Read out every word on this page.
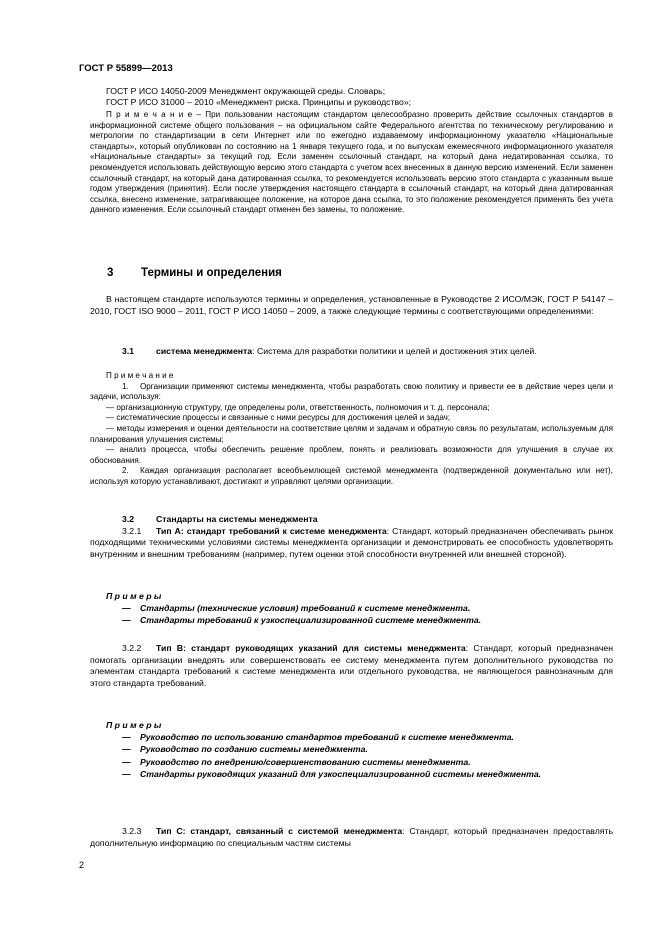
ГОСТ Р 55899—2013

ГОСТ Р ИСО 14050-2009 Менеджмент окружающей среды. Словарь;

ГОСТ Р ИСО 31000 – 2010 «Менеджмент риска. Принципы и руководство»;

П р и м е ч а н и е – При пользовании настоящим стандартом целесообразно проверить действие ссылочных стандартов в информационной системе общего пользования – на официальном сайте Федерального агентства по техническому регулированию и метрологии по стандартизации в сети Интернет или по ежегодно издаваемому информационному указателю «Национальные стандарты», который опубликован по состоянию на 1 января текущего года, и по выпускам ежемесячного информационного указателя «Национальные стандарты» за текущий год. Если заменен ссылочный стандарт, на который дана недатированная ссылка, то рекомендуется использовать действующую версию этого стандарта с учетом всех внесенных в данную версию изменений. Если заменен ссылочный стандарт, на который дана датированная ссылка, то рекомендуется использовать версию этого стандарта с указанным выше годом утверждения (принятия). Если после утверждения настоящего стандарта в ссылочный стандарт, на который дана датированная ссылка, внесено изменение, затрагивающее положение, на которое дана ссылка, то это положение рекомендуется применять без учета данного изменения. Если ссылочный стандарт отменен без замены, то положение.

3 Термины и определения

В настоящем стандарте используются термины и определения, установленные в Руководстве 2 ИСО/МЭК, ГОСТ Р 54147 – 2010, ГОСТ ISO 9000 – 2011, ГОСТ Р ИСО 14050 – 2009, а также следующие термины с соответствующими определениями:

3.1	система менеджмента: Система для разработки политики и целей и достижения этих целей.

П р и м е ч а н и е

1. Организации применяют системы менеджмента, чтобы разработать свою политику и привести ее в действие через цели и задачи, используя:

— организационную структуру, где определены роли, ответственность, полномочия и т. д. персонала;

— систематические процессы и связанные с ними ресурсы для достижения целей и задач;

— методы измерения и оценки деятельности на соответствие целям и задачам и обратную связь по результатам, используемым для планирования улучшения системы;

— анализ процесса, чтобы обеспечить решение проблем, понять и реализовать возможности для улучшения в случае их обоснования.

2. Каждая организация располагает всеобъемлющей системой менеджмента (подтвержденной документально или нет), используя которую устанавливают, достигают и управляют целями организации.

3.2	Стандарты на системы менеджмента

3.2.1 Тип А: стандарт требований к системе менеджмента: Стандарт, который предназначен обеспечивать рынок подходящими техническими условиями системы менеджмента организации и демонстрировать ее способность удовлетворять внутренним и внешним требованиям (например, путем оценки этой способности внутренней или внешней стороной).

П р и м е р ы

— Стандарты (технические условия) требований к системе менеджмента.

— Стандарты требований к узкоспециализированной системе менеджмента.

3.2.2 Тип В: стандарт руководящих указаний для системы менеджмента: Стандарт, который предназначен помогать организации внедрять или совершенствовать ее систему менеджмента путем дополнительного руководства по элементам стандарта требований к системе менеджмента или отдельного руководства, не являющегося равнозначным для этого стандарта требований.

П р и м е р ы

— Руководство по использованию стандартов требований к системе менеджмента.

— Руководство по созданию системы менеджмента.

— Руководство по внедрению/совершенствованию системы менеджмента.

— Стандарты руководящих указаний для узкоспециализированной системы менеджмента.

3.2.3 Тип С: стандарт, связанный с системой менеджмента: Стандарт, который предназначен предоставлять дополнительную информацию по специальным частям системы

2
